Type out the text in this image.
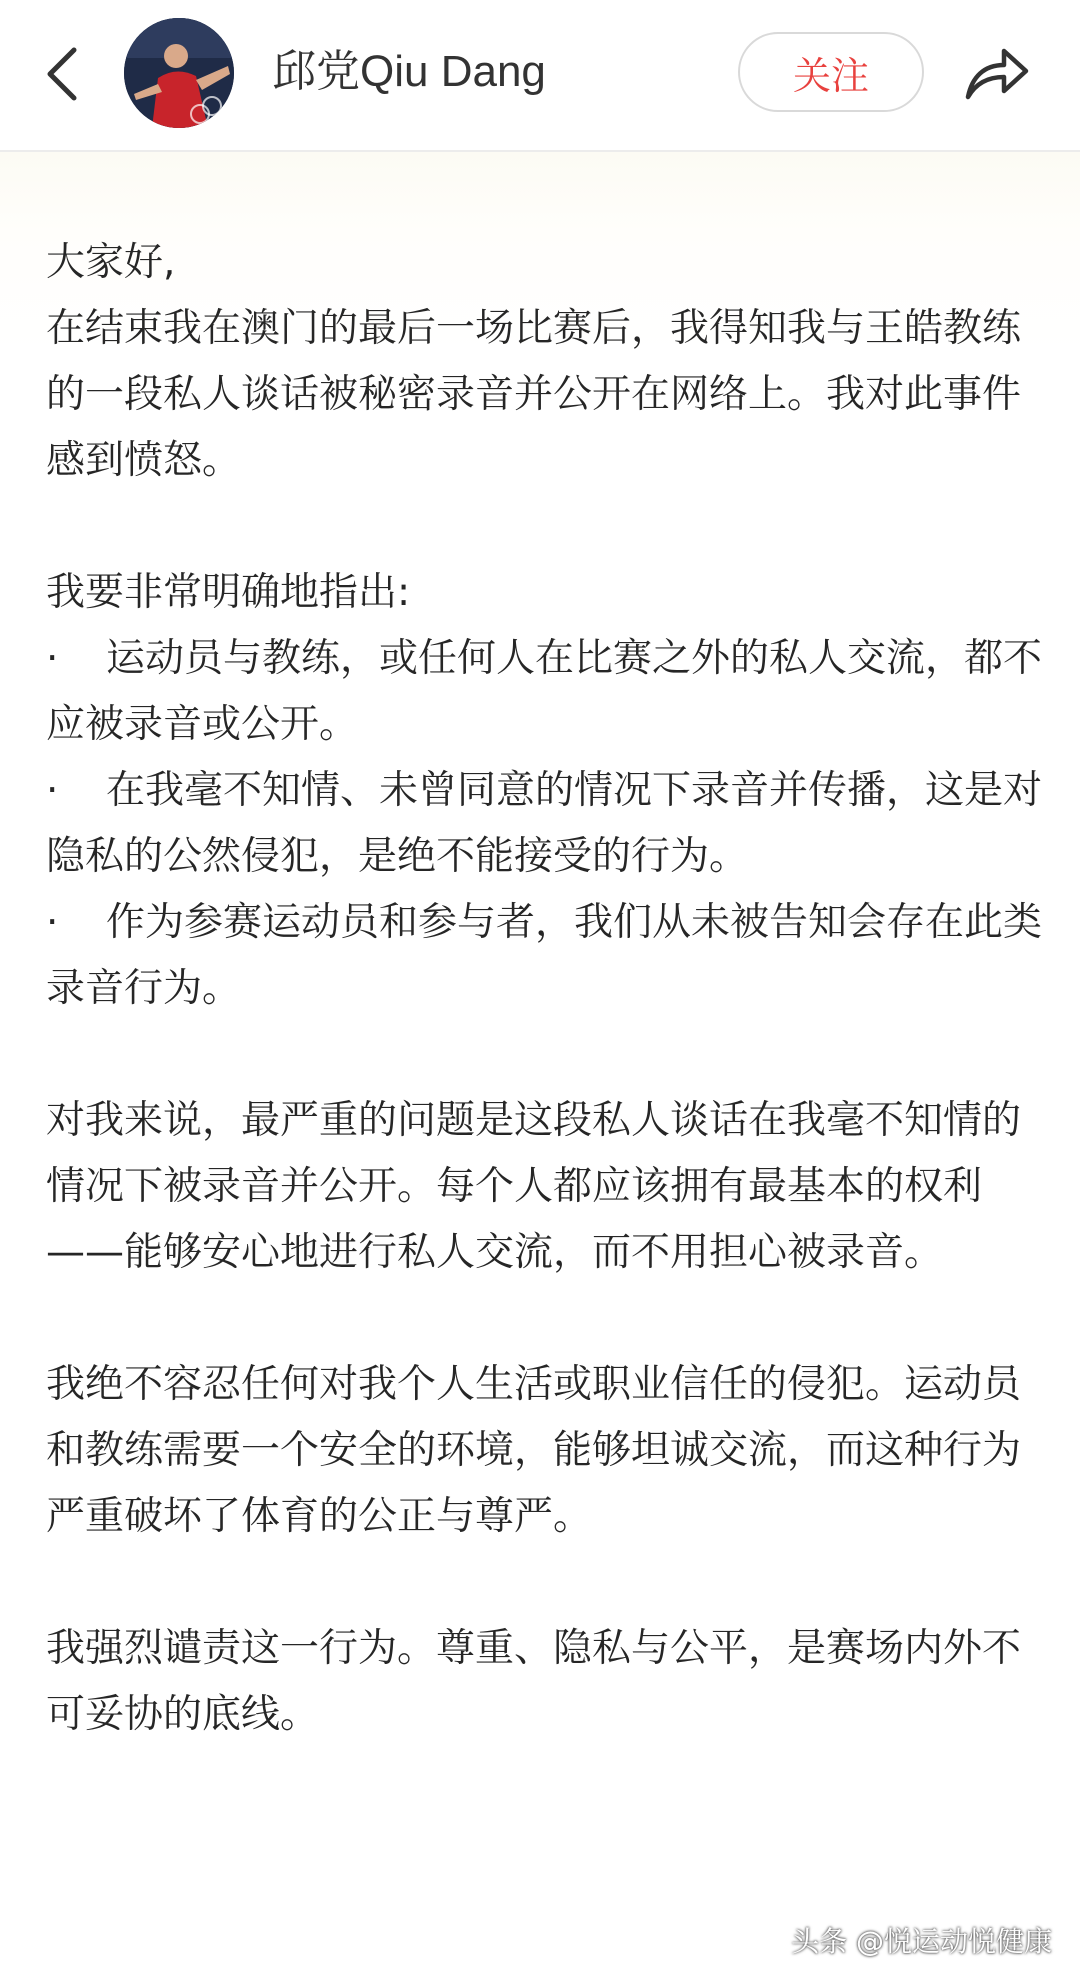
邱党Qiu Dang	关注

大家好,

在结束我在澳门的最后一场比赛后，我得知我与王皓教练的一段私人谈话被秘密录音并公开在网络上。我对此事件感到愤怒。

我要非常明确地指出:

· 运动员与教练，或任何人在比赛之外的私人交流，都不应被录音或公开。

· 在我毫不知情、未曾同意的情况下录音并传播，这是对隐私的公然侵犯，是绝不能接受的行为。

· 作为参赛运动员和参与者，我们从未被告知会存在此类录音行为。

对我来说，最严重的问题是这段私人谈话在我毫不知情的情况下被录音并公开。每个人都应该拥有最基本的权利——能够安心地进行私人交流，而不用担心被录音。

我绝不容忍任何对我个人生活或职业信任的侵犯。运动员和教练需要一个安全的环境，能够坦诚交流，而这种行为严重破坏了体育的公正与尊严。

我强烈谴责这一行为。尊重、隐私与公平，是赛场内外不可妥协的底线。

头条 @悦运动悦健康
